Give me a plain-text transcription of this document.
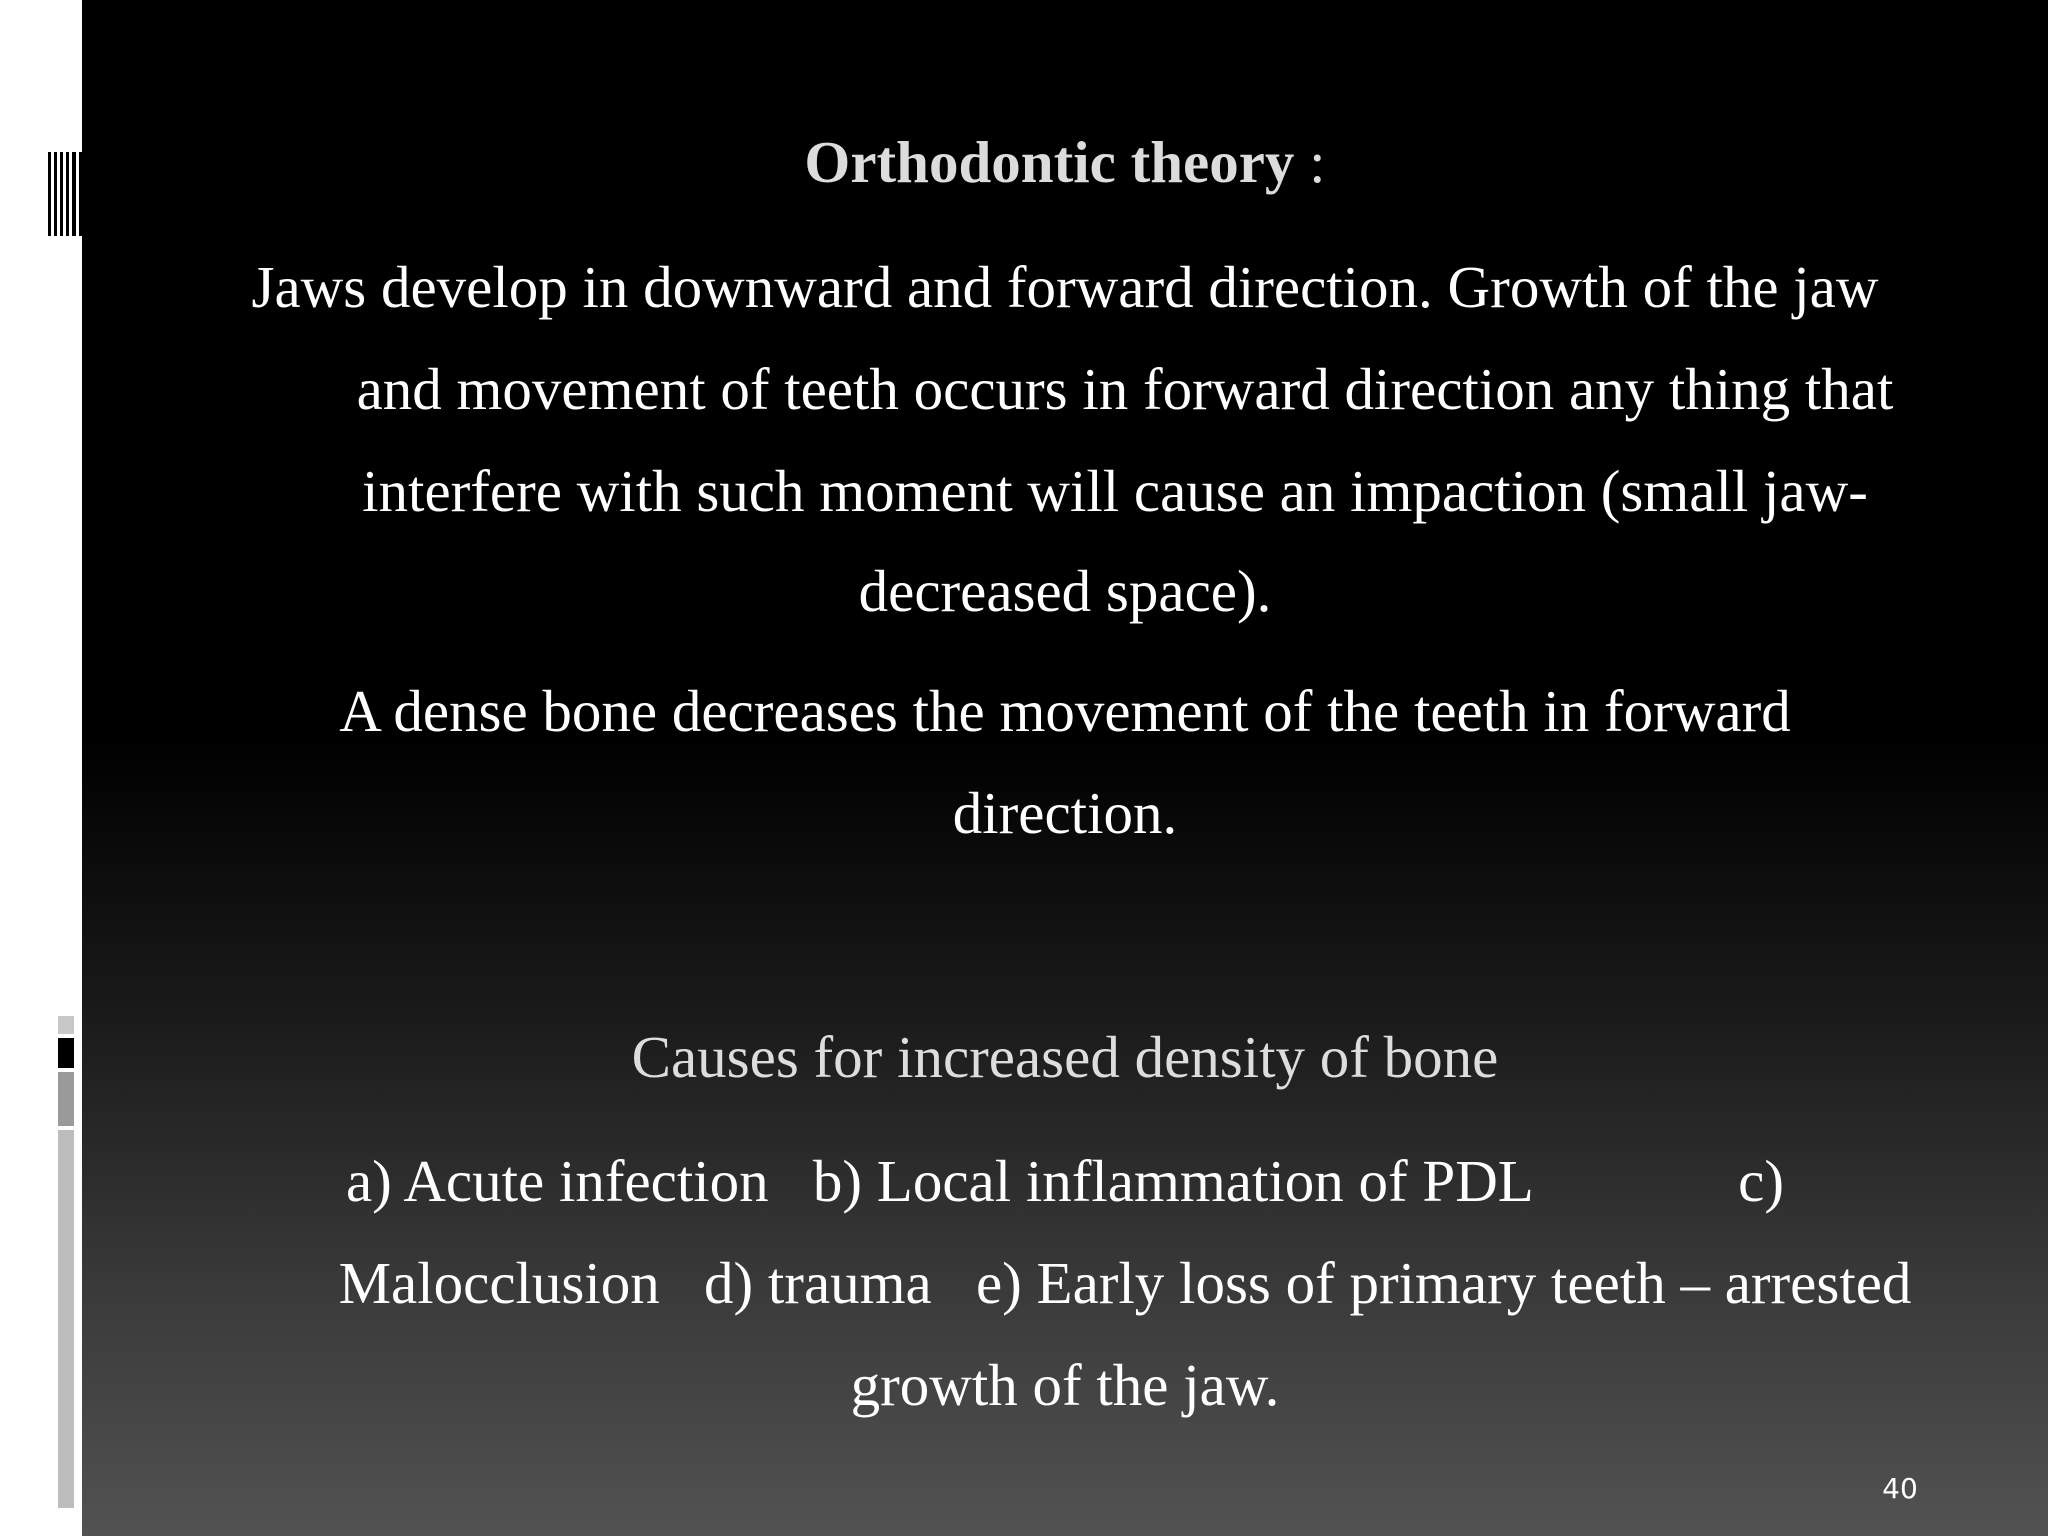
Orthodontic theory :
Jaws develop in downward and forward direction. Growth of the jaw
and movement of teeth occurs in forward direction any thing that
interfere with such moment will cause an impaction (small jaw-
decreased space).
A dense bone decreases the movement of the teeth in forward
direction.
Causes for increased density of bone
a) Acute infection   b) Local inflammation of PDL              c)
Malocclusion   d) trauma   e) Early loss of primary teeth – arrested
growth of the jaw.
40
